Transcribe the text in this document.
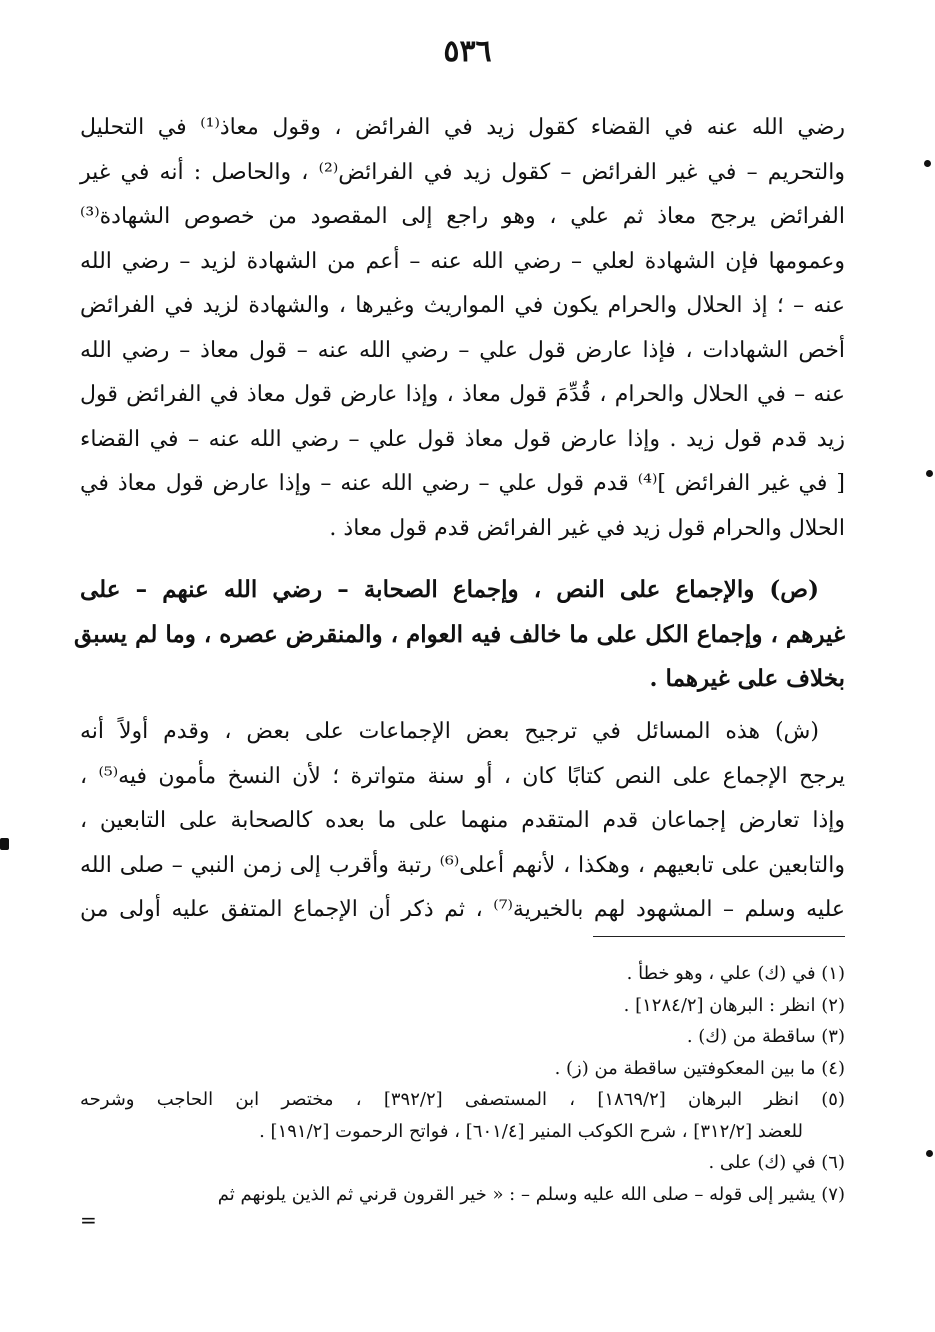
٥٣٦
رضي الله عنه في القضاء كقول زيد في الفرائض ، وقول معاذ⁽¹⁾ في التحليل
والتحريم – في غير الفرائض – كقول زيد في الفرائض⁽²⁾ ، والحاصل : أنه في غير
الفرائض يرجح معاذ ثم علي ، وهو راجع إلى المقصود من خصوص الشهادة⁽³⁾
وعمومها فإن الشهادة لعلي – رضي الله عنه – أعم من الشهادة لزيد – رضي الله
عنه – ؛ إذ الحلال والحرام يكون في المواريث وغيرها ، والشهادة لزيد في الفرائض
أخص الشهادات ، فإذا عارض قول علي – رضي الله عنه – قول معاذ – رضي الله
عنه – في الحلال والحرام ، قُدِّمَ قول معاذ ، وإذا عارض قول معاذ في الفرائض قول
زيد قدم قول زيد . وإذا عارض قول معاذ قول علي – رضي الله عنه – في القضاء
[ في غير الفرائض ]⁽⁴⁾ قدم قول علي – رضي الله عنه – وإذا عارض قول معاذ في
الحلال والحرام قول زيد في غير الفرائض قدم قول معاذ .
(ص) والإجماع على النص ، وإجماع الصحابة – رضي الله عنهم – على
غيرهم ، وإجماع الكل على ما خالف فيه العوام ، والمنقرض عصره ، وما لم يسبق
بخلاف على غيرهما .
(ش) هذه المسائل في ترجيح بعض الإجماعات على بعض ، وقدم أولاً أنه
يرجح الإجماع على النص كتابًا كان ، أو سنة متواترة ؛ لأن النسخ مأمون فيه⁽⁵⁾ ،
وإذا تعارض إجماعان قدم المتقدم منهما على ما بعده كالصحابة على التابعين ،
والتابعين على تابعيهم ، وهكذا ، لأنهم أعلى⁽⁶⁾ رتبة وأقرب إلى زمن النبي – صلى الله
عليه وسلم – المشهود لهم بالخيرية⁽⁷⁾ ، ثم ذكر أن الإجماع المتفق عليه أولى من
(١) في (ك) علي ، وهو خطأ .
(٢) انظر : البرهان [١٢٨٤/٢] .
(٣) ساقطة من (ك) .
(٤) ما بين المعكوفتين ساقطة من (ز) .
(٥) انظر البرهان [١٨٦٩/٢] ، المستصفى [٣٩٢/٢] ، مختصر ابن الحاجب وشرحه
للعضد [٣١٢/٢] ، شرح الكوكب المنير [٦٠١/٤] ، فواتح الرحموت [١٩١/٢] .
(٦) في (ك) على .
(٧) يشير إلى قوله – صلى الله عليه وسلم – : « خير القرون قرني ثم الذين يلونهم ثم
=
